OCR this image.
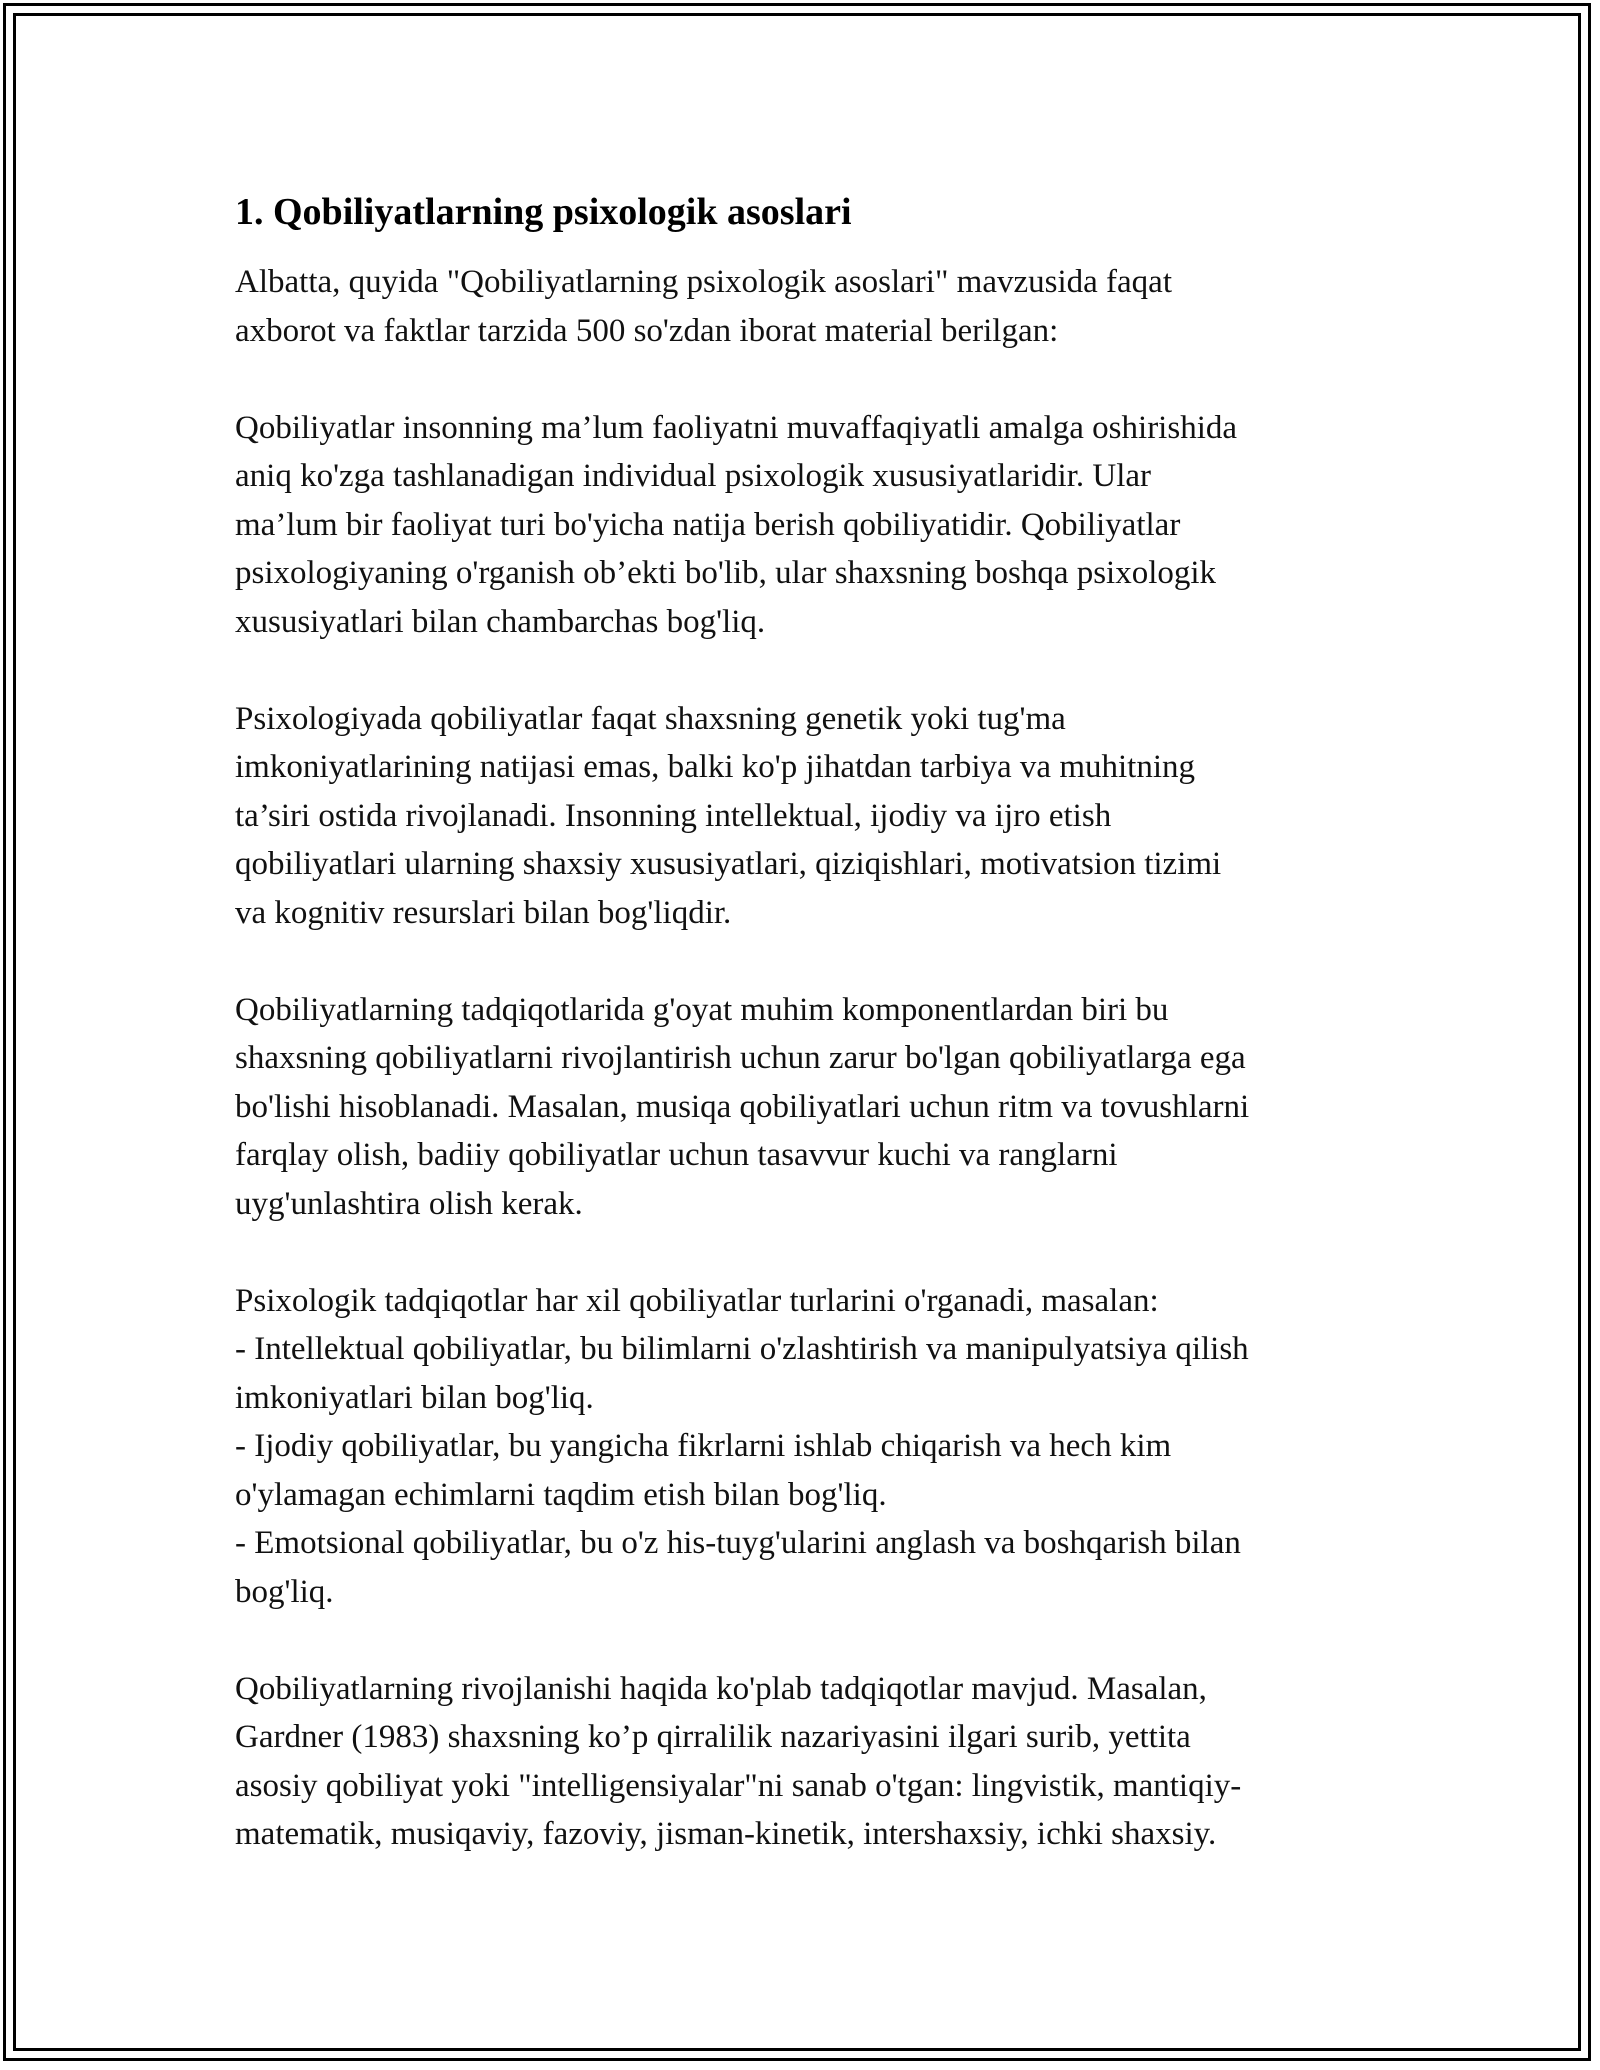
1. Qobiliyatlarning psixologik asoslari

Albatta, quyida "Qobiliyatlarning psixologik asoslari" mavzusida faqat
axborot va faktlar tarzida 500 so'zdan iborat material berilgan:

Qobiliyatlar insonning ma’lum faoliyatni muvaffaqiyatli amalga oshirishida
aniq ko'zga tashlanadigan individual psixologik xususiyatlaridir. Ular
ma’lum bir faoliyat turi bo'yicha natija berish qobiliyatidir. Qobiliyatlar
psixologiyaning o'rganish ob’ekti bo'lib, ular shaxsning boshqa psixologik
xususiyatlari bilan chambarchas bog'liq.

Psixologiyada qobiliyatlar faqat shaxsning genetik yoki tug'ma
imkoniyatlarining natijasi emas, balki ko'p jihatdan tarbiya va muhitning
ta’siri ostida rivojlanadi. Insonning intellektual, ijodiy va ijro etish
qobiliyatlari ularning shaxsiy xususiyatlari, qiziqishlari, motivatsion tizimi
va kognitiv resurslari bilan bog'liqdir.

Qobiliyatlarning tadqiqotlarida g'oyat muhim komponentlardan biri bu
shaxsning qobiliyatlarni rivojlantirish uchun zarur bo'lgan qobiliyatlarga ega
bo'lishi hisoblanadi. Masalan, musiqa qobiliyatlari uchun ritm va tovushlarni
farqlay olish, badiiy qobiliyatlar uchun tasavvur kuchi va ranglarni
uyg'unlashtira olish kerak.

Psixologik tadqiqotlar har xil qobiliyatlar turlarini o'rganadi, masalan:

- Intellektual qobiliyatlar, bu bilimlarni o'zlashtirish va manipulyatsiya qilish
imkoniyatlari bilan bog'liq.

- Ijodiy qobiliyatlar, bu yangicha fikrlarni ishlab chiqarish va hech kim
o'ylamagan echimlarni taqdim etish bilan bog'liq.

- Emotsional qobiliyatlar, bu o'z his-tuyg'ularini anglash va boshqarish bilan
bog'liq.

Qobiliyatlarning rivojlanishi haqida ko'plab tadqiqotlar mavjud. Masalan,
Gardner (1983) shaxsning ko’p qirralilik nazariyasini ilgari surib, yettita
asosiy qobiliyat yoki "intelligensiyalar"ni sanab o'tgan: lingvistik, mantiqiy-
matematik, musiqaviy, fazoviy, jisman-kinetik, intershaxsiy, ichki shaxsiy.
